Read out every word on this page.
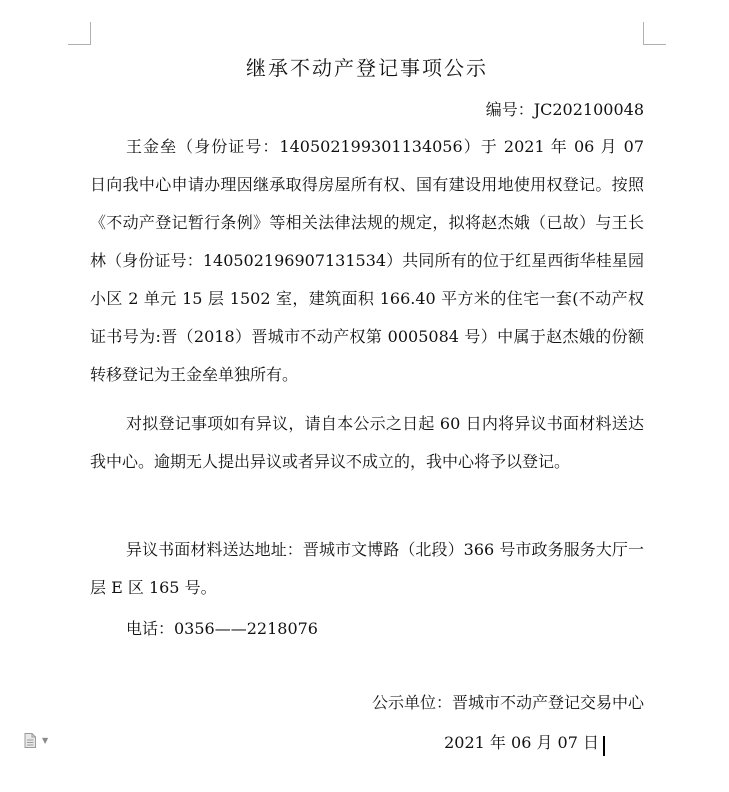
继承不动产登记事项公示
编号：JC202100048

王金垒（身份证号：140502199301134056）于 2021 年 06 月 07 日向我中心申请办理因继承取得房屋所有权、国有建设用地使用权登记。按照《不动产登记暂行条例》等相关法律法规的规定，拟将赵杰娥（已故）与王长林（身份证号：140502196907131534）共同所有的位于红星西街华桂星园小区 2 单元 15 层 1502 室，建筑面积 166.40 平方米的住宅一套(不动产权证书号为:晋（2018）晋城市不动产权第 0005084 号）中属于赵杰娥的份额转移登记为王金垒单独所有。

对拟登记事项如有异议，请自本公示之日起 60 日内将异议书面材料送达我中心。逾期无人提出异议或者异议不成立的，我中心将予以登记。

异议书面材料送达地址：晋城市文博路（北段）366 号市政务服务大厅一层 E 区 165 号。

电话：0356——2218076

公示单位：晋城市不动产登记交易中心
2021 年 06 月 07 日
▼
